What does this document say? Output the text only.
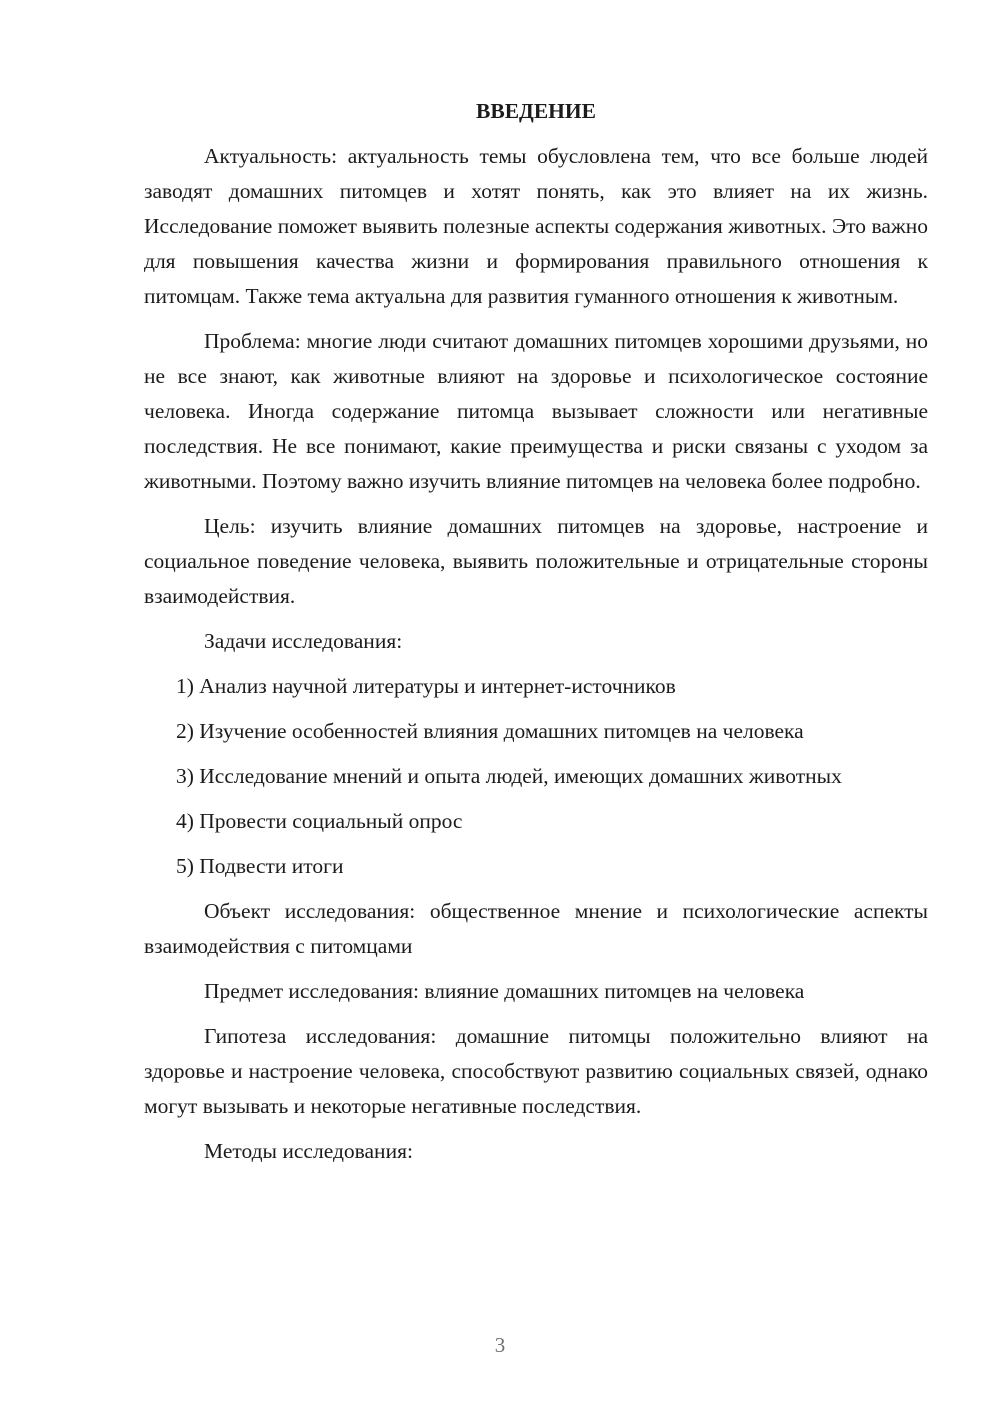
ВВЕДЕНИЕ

Актуальность: актуальность темы обусловлена тем, что все больше людей заводят домашних питомцев и хотят понять, как это влияет на их жизнь. Исследование поможет выявить полезные аспекты содержания животных. Это важно для повышения качества жизни и формирования правильного отношения к питомцам. Также тема актуальна для развития гуманного отношения к животным.

Проблема: многие люди считают домашних питомцев хорошими друзьями, но не все знают, как животные влияют на здоровье и психологическое состояние человека. Иногда содержание питомца вызывает сложности или негативные последствия. Не все понимают, какие преимущества и риски связаны с уходом за животными. Поэтому важно изучить влияние питомцев на человека более подробно.

Цель: изучить влияние домашних питомцев на здоровье, настроение и социальное поведение человека, выявить положительные и отрицательные стороны взаимодействия.

Задачи исследования:

1) Анализ научной литературы и интернет-источников

2) Изучение особенностей влияния домашних питомцев на человека

3) Исследование мнений и опыта людей, имеющих домашних животных

4) Провести социальный опрос

5) Подвести итоги

Объект исследования: общественное мнение и психологические аспекты взаимодействия с питомцами

Предмет исследования: влияние домашних питомцев на человека

Гипотеза исследования: домашние питомцы положительно влияют на здоровье и настроение человека, способствуют развитию социальных связей, однако могут вызывать и некоторые негативные последствия.

Методы исследования:

3
